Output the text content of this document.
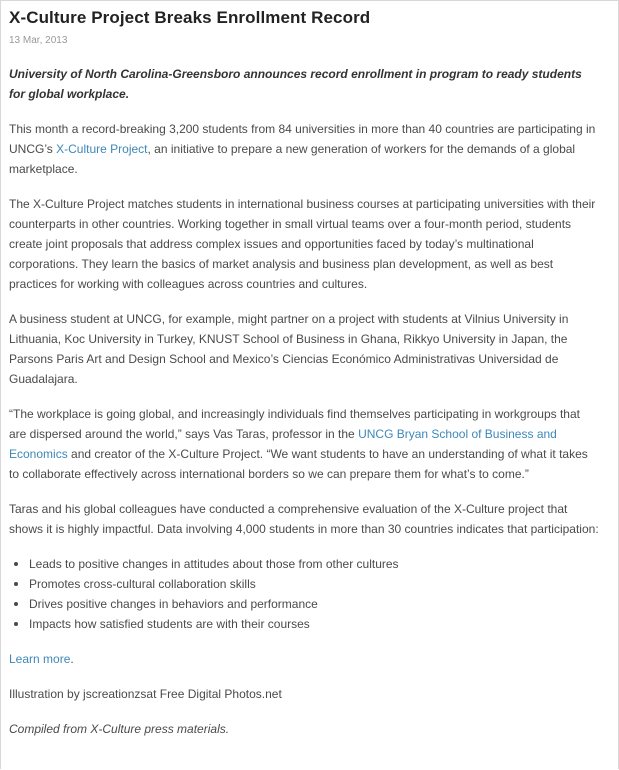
X-Culture Project Breaks Enrollment Record
13 Mar, 2013

University of North Carolina-Greensboro announces record enrollment in program to ready students for global workplace.

This month a record-breaking 3,200 students from 84 universities in more than 40 countries are participating in UNCG’s X-Culture Project, an initiative to prepare a new generation of workers for the demands of a global marketplace.

The X-Culture Project matches students in international business courses at participating universities with their counterparts in other countries. Working together in small virtual teams over a four-month period, students create joint proposals that address complex issues and opportunities faced by today’s multinational corporations. They learn the basics of market analysis and business plan development, as well as best practices for working with colleagues across countries and cultures.

A business student at UNCG, for example, might partner on a project with students at Vilnius University in Lithuania, Koc University in Turkey, KNUST School of Business in Ghana, Rikkyo University in Japan, the Parsons Paris Art and Design School and Mexico’s Ciencias Económico Administrativas Universidad de Guadalajara.

“The workplace is going global, and increasingly individuals find themselves participating in workgroups that are dispersed around the world,” says Vas Taras, professor in the UNCG Bryan School of Business and Economics and creator of the X-Culture Project. “We want students to have an understanding of what it takes to collaborate effectively across international borders so we can prepare them for what’s to come.”

Taras and his global colleagues have conducted a comprehensive evaluation of the X-Culture project that shows it is highly impactful. Data involving 4,000 students in more than 30 countries indicates that participation:

Leads to positive changes in attitudes about those from other cultures
Promotes cross-cultural collaboration skills
Drives positive changes in behaviors and performance
Impacts how satisfied students are with their courses

Learn more.

Illustration by jscreationzsat Free Digital Photos.net

Compiled from X-Culture press materials.
